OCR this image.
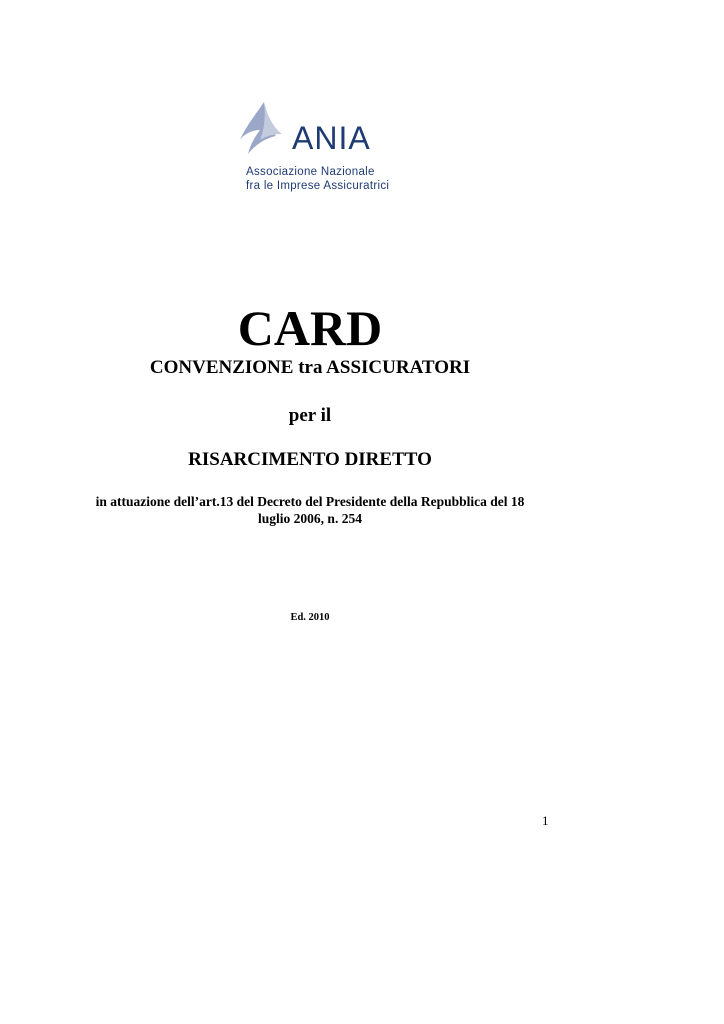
ANIA
Associazione Nazionale
fra le Imprese Assicuratrici
CARD
CONVENZIONE tra ASSICURATORI
per il
RISARCIMENTO DIRETTO
in attuazione dell’art.13 del Decreto del Presidente della Repubblica del 18
luglio 2006, n. 254
Ed. 2010
1
